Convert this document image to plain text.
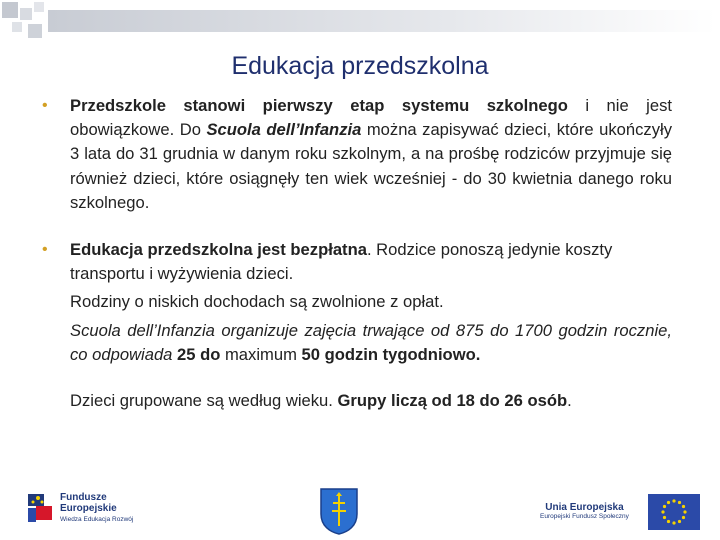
Edukacja przedszkolna
• Przedszkole stanowi pierwszy etap systemu szkolnego i nie jest obowiązkowe. Do Scuola dell’Infanzia można zapisywać dzieci, które ukończyły 3 lata do 31 grudnia w danym roku szkolnym, a na prośbę rodziców przyjmuje się również dzieci, które osiągnęły ten wiek wcześniej - do 30 kwietnia danego roku szkolnego.

• Edukacja przedszkolna jest bezpłatna. Rodzice ponoszą jedynie koszty transportu i wyżywienia dzieci.

Rodziny o niskich dochodach są zwolnione z opłat.

Scuola dell’Infanzia organizuje zajęcia trwające od 875 do 1700 godzin rocznie, co odpowiada 25 do maximum 50 godzin tygodniowo.

Dzieci grupowane są według wieku. Grupy liczą od 18 do 26 osób.

Fundusze
Europejskie
Wiedza Edukacja Rozwój
Unia Europejska
Europejski Fundusz Społeczny
